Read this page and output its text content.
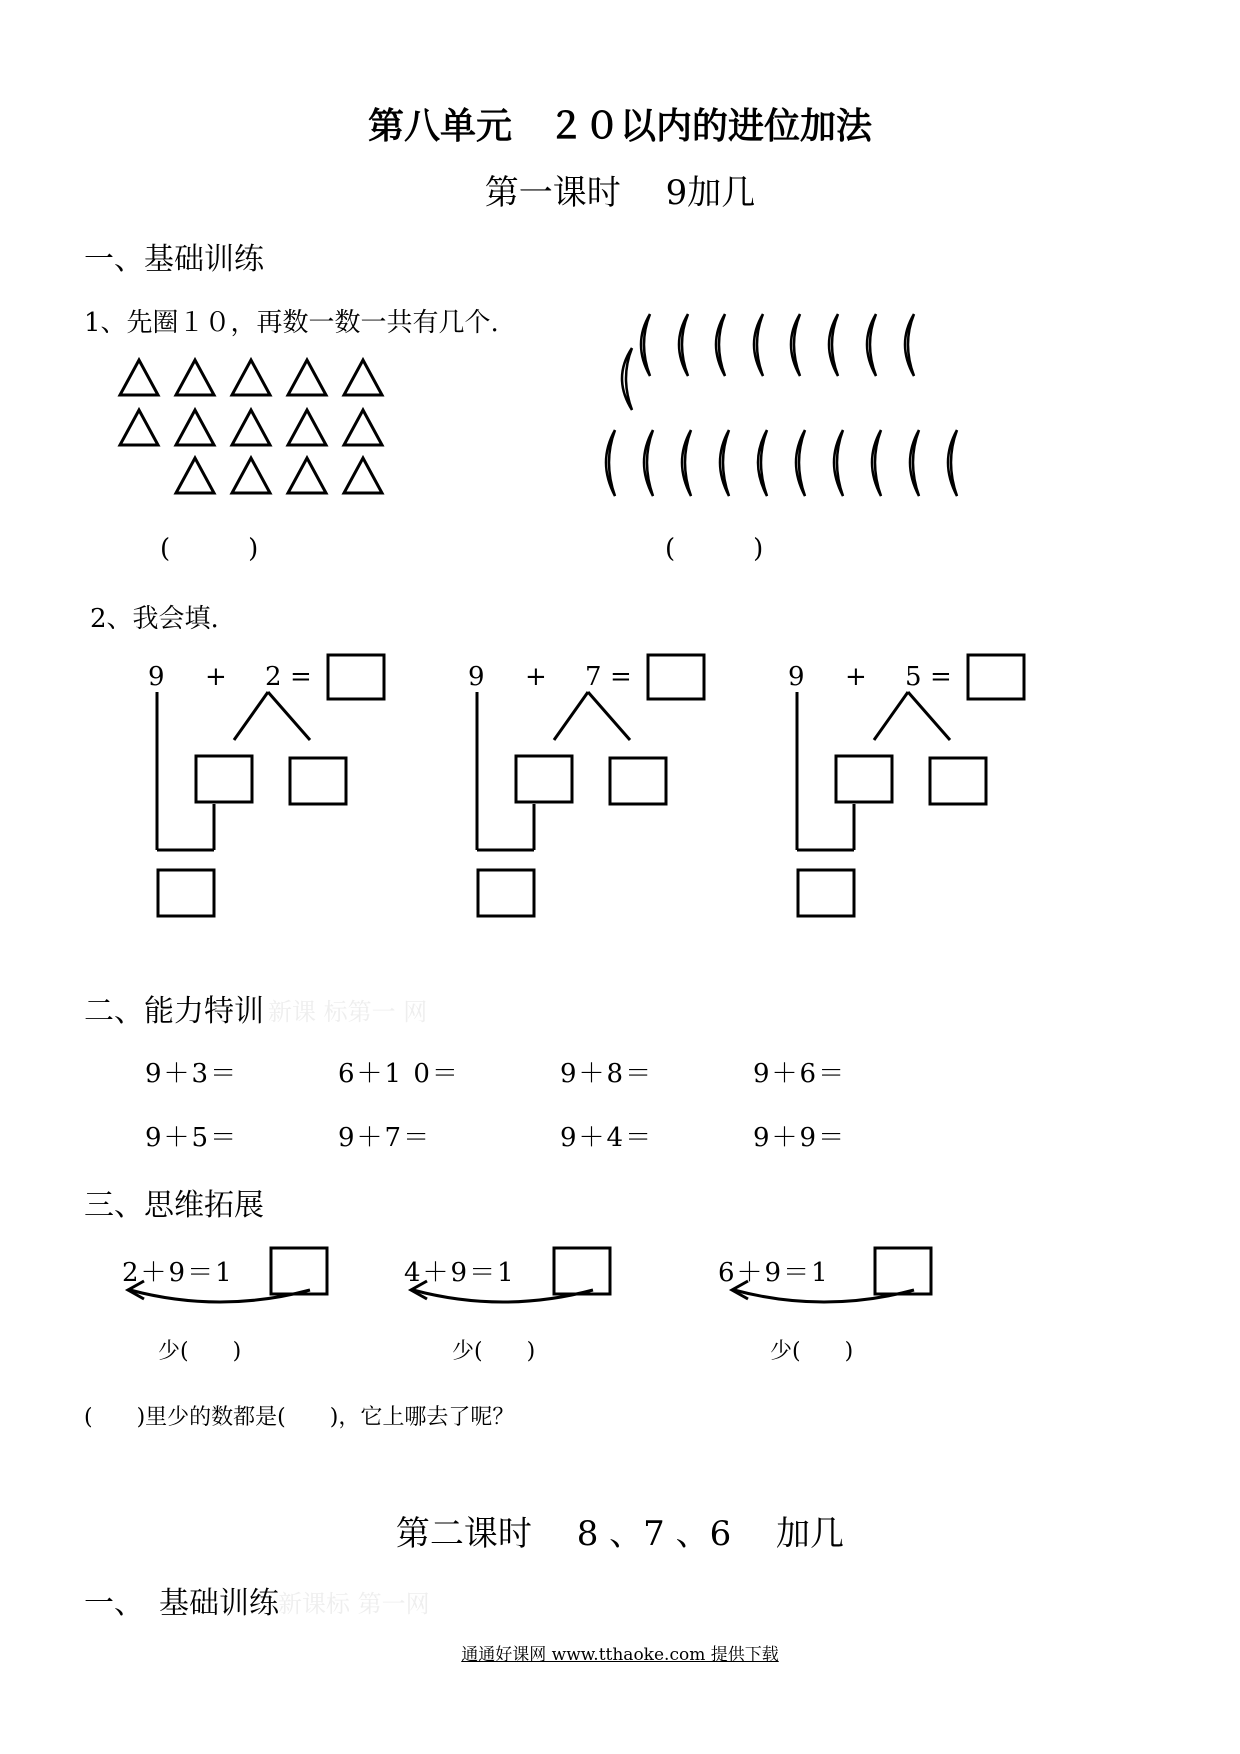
第八单元　２０以内的进位加法
第一课时　 9加几
一、基础训练
1、先圈１０，再数一数一共有几个.
(　　　)	(　　　)
2、我会填.
9 + 2 =	9 + 7 =	9 + 5 =
二、能力特训 新课 标第一 网
9＋3＝	6＋1 0＝	9＋8＝	9＋6＝
9＋5＝	9＋7＝	9＋4＝	9＋9＝
三、思维拓展
2＋9＝1	4＋9＝1	6＋9＝1
少(　　)	少(　　)	少(　　)
(　　)里少的数都是(　　)，它上哪去了呢？
第二课时　 8 、7 、6　 加几
一、　基础训练 新课标 第一网
通通好课网 www.tthaoke.com 提供下载
